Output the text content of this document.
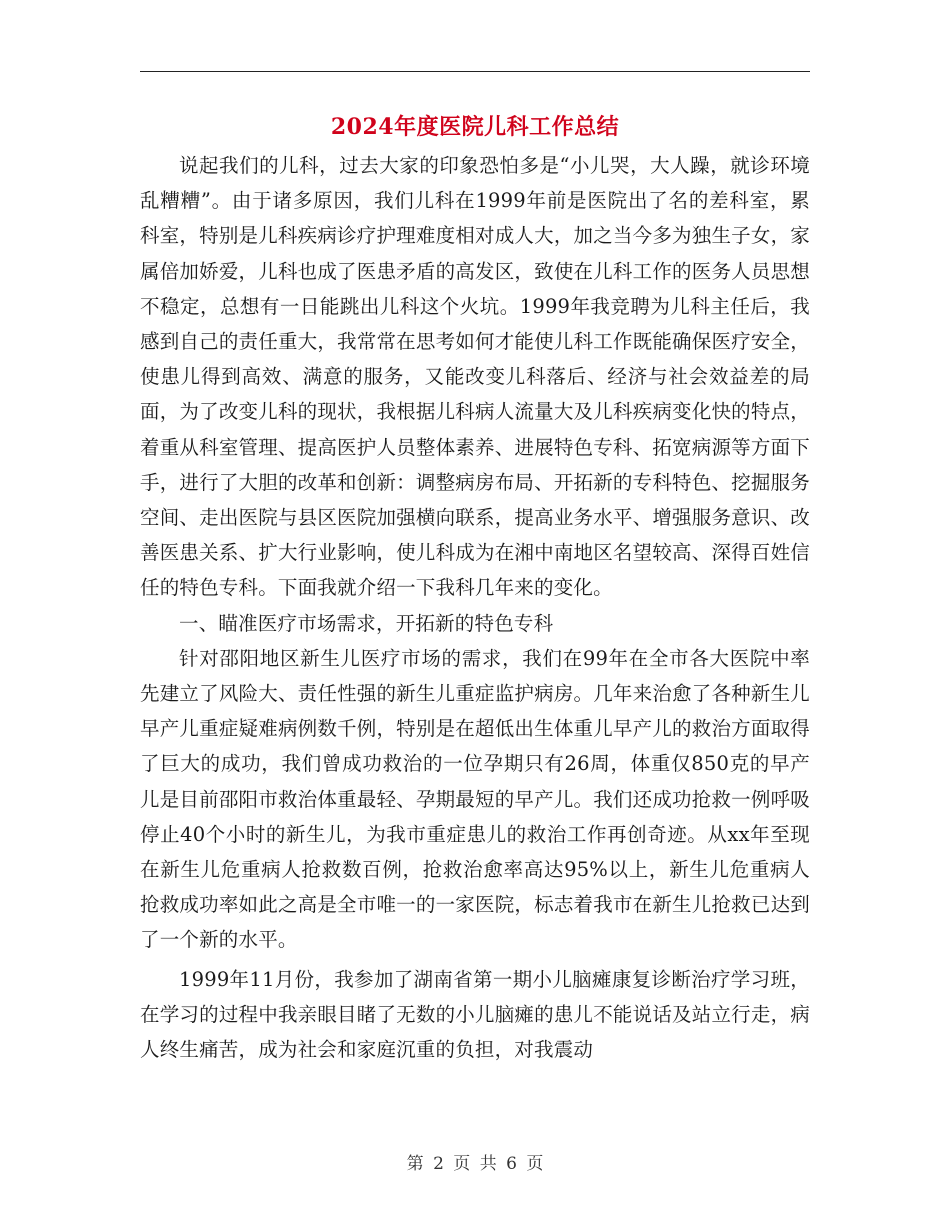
2024年度医院儿科工作总结

说起我们的儿科，过去大家的印象恐怕多是“小儿哭，大人躁，就诊环境乱糟糟”。由于诸多原因，我们儿科在1999年前是医院出了名的差科室，累科室，特别是儿科疾病诊疗护理难度相对成人大，加之当今多为独生子女，家属倍加娇爱，儿科也成了医患矛盾的高发区，致使在儿科工作的医务人员思想不稳定，总想有一日能跳出儿科这个火坑。1999年我竞聘为儿科主任后，我感到自己的责任重大，我常常在思考如何才能使儿科工作既能确保医疗安全，使患儿得到高效、满意的服务，又能改变儿科落后、经济与社会效益差的局面，为了改变儿科的现状，我根据儿科病人流量大及儿科疾病变化快的特点，着重从科室管理、提高医护人员整体素养、进展特色专科、拓宽病源等方面下手，进行了大胆的改革和创新：调整病房布局、开拓新的专科特色、挖掘服务空间、走出医院与县区医院加强横向联系，提高业务水平、增强服务意识、改善医患关系、扩大行业影响，使儿科成为在湘中南地区名望较高、深得百姓信任的特色专科。下面我就介绍一下我科几年来的变化。

一、瞄准医疗市场需求，开拓新的特色专科

针对邵阳地区新生儿医疗市场的需求，我们在99年在全市各大医院中率先建立了风险大、责任性强的新生儿重症监护病房。几年来治愈了各种新生儿早产儿重症疑难病例数千例，特别是在超低出生体重儿早产儿的救治方面取得了巨大的成功，我们曾成功救治的一位孕期只有26周，体重仅850克的早产儿是目前邵阳市救治体重最轻、孕期最短的早产儿。我们还成功抢救一例呼吸停止40个小时的新生儿，为我市重症患儿的救治工作再创奇迹。从xx年至现在新生儿危重病人抢救数百例，抢救治愈率高达95%以上，新生儿危重病人抢救成功率如此之高是全市唯一的一家医院，标志着我市在新生儿抢救已达到了一个新的水平。

1999年11月份，我参加了湖南省第一期小儿脑瘫康复诊断治疗学习班，在学习的过程中我亲眼目睹了无数的小儿脑瘫的患儿不能说话及站立行走，病人终生痛苦，成为社会和家庭沉重的负担，对我震动

第 2 页 共 6 页
